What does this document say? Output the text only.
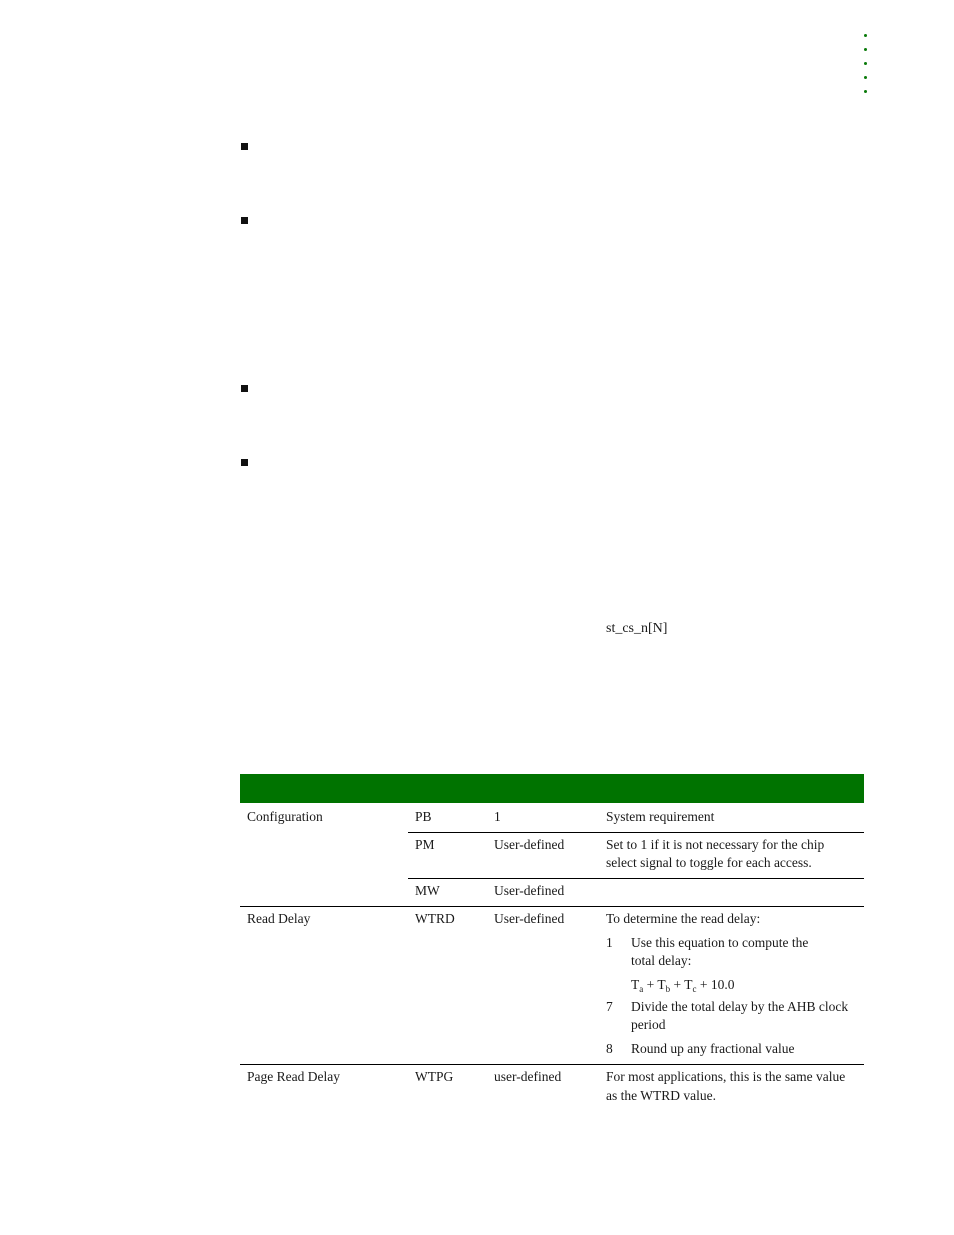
st_cs_n[N]
Configuration	PB	1	System requirement
PM	User-defined	Set to 1 if it is not necessary for the chip
select signal to toggle for each access.
MW	User-defined
Read Delay	WTRD	User-defined	To determine the read delay:
1 Use this equation to compute the
total delay:
$T_a + T_b + T_c + 10.0$
7 Divide the total delay by the AHB clock
period
8 Round up any fractional value
Page Read Delay	WTPG	user-defined	For most applications, this is the same value
as the WTRD value.
